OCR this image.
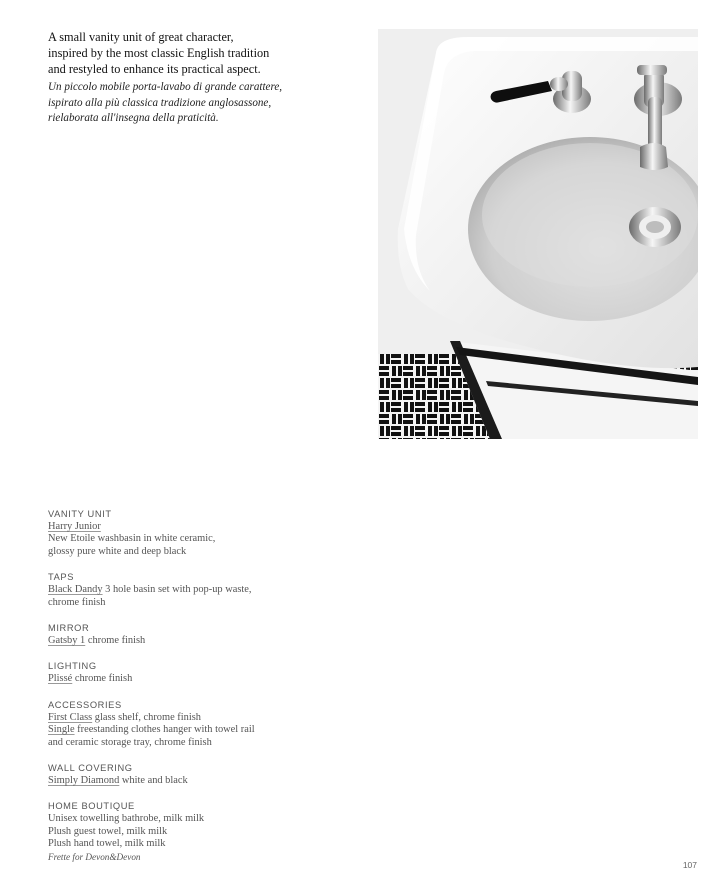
A small vanity unit of great character,
inspired by the most classic English tradition
and restyled to enhance its practical aspect.

Un piccolo mobile porta-lavabo di grande carattere,
ispirato alla più classica tradizione anglosassone,
rielaborata all'insegna della praticità.

VANITY UNIT

Harry Junior

New Etoile washbasin in white ceramic,

glossy pure white and deep black

TAPS

Black Dandy 3 hole basin set with pop-up waste,

chrome finish

MIRROR

Gatsby 1 chrome finish

LIGHTING

Plissé chrome finish

ACCESSORIES

First Class glass shelf, chrome finish

Single freestanding clothes hanger with towel rail

and ceramic storage tray, chrome finish

WALL COVERING

Simply Diamond white and black

HOME BOUTIQUE

Unisex towelling bathrobe, milk milk

Plush guest towel, milk milk

Plush hand towel, milk milk

Frette for Devon&Devon

107
